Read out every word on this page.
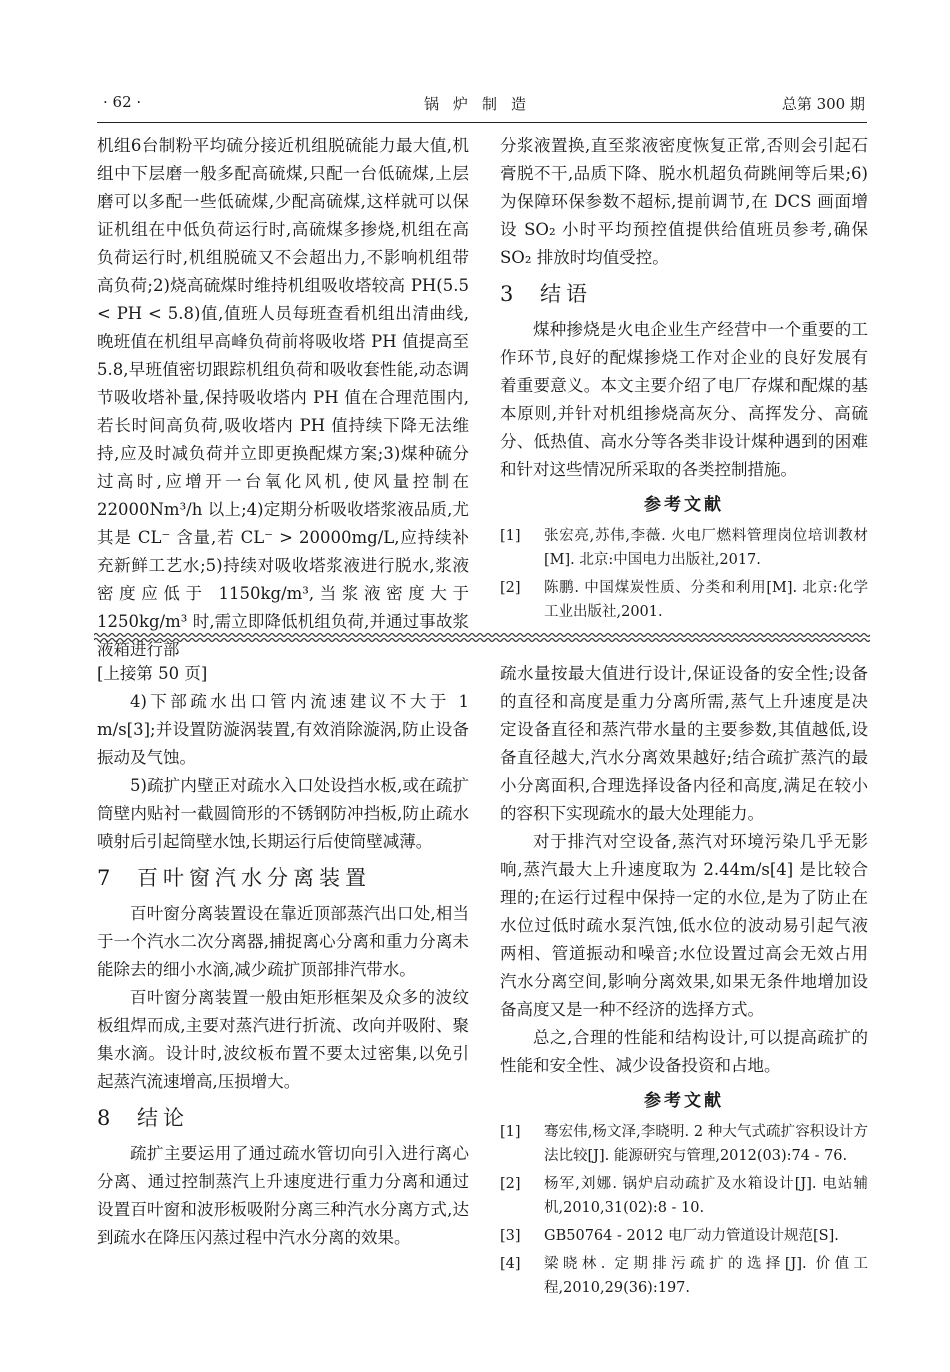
· 62 ·	锅炉制造	总第 300 期

机组6台制粉平均硫分接近机组脱硫能力最大值,机组中下层磨一般多配高硫煤,只配一台低硫煤,上层磨可以多配一些低硫煤,少配高硫煤,这样就可以保证机组在中低负荷运行时,高硫煤多掺烧,机组在高负荷运行时,机组脱硫又不会超出力,不影响机组带高负荷;2)烧高硫煤时维持机组吸收塔较高 PH(5.5 < PH < 5.8)值,值班人员每班查看机组出清曲线,晚班值在机组早高峰负荷前将吸收塔 PH 值提高至 5.8,早班值密切跟踪机组负荷和吸收套性能,动态调节吸收塔补量,保持吸收塔内 PH 值在合理范围内,若长时间高负荷,吸收塔内 PH 值持续下降无法维持,应及时减负荷并立即更换配煤方案;3)煤种硫分过高时,应增开一台氧化风机,使风量控制在 22000Nm³/h 以上;4)定期分析吸收塔浆液品质,尤其是 CL⁻ 含量,若 CL⁻ > 20000mg/L,应持续补充新鲜工艺水;5)持续对吸收塔浆液进行脱水,浆液密度应低于 1150kg/m³,当浆液密度大于 1250kg/m³ 时,需立即降低机组负荷,并通过事故浆液箱进行部

分浆液置换,直至浆液密度恢复正常,否则会引起石膏脱不干,品质下降、脱水机超负荷跳闸等后果;6)为保障环保参数不超标,提前调节,在 DCS 画面增设 SO₂ 小时平均预控值提供给值班员参考,确保 SO₂ 排放时均值受控。

3 结语

煤种掺烧是火电企业生产经营中一个重要的工作环节,良好的配煤掺烧工作对企业的良好发展有着重要意义。本文主要介绍了电厂存煤和配煤的基本原则,并针对机组掺烧高灰分、高挥发分、高硫分、低热值、高水分等各类非设计煤种遇到的困难和针对这些情况所采取的各类控制措施。

参考文献
[1] 张宏亮,苏伟,李薇. 火电厂燃料管理岗位培训教材[M]. 北京:中国电力出版社,2017.
[2] 陈鹏. 中国煤炭性质、分类和利用[M]. 北京:化学工业出版社,2001.

[上接第 50 页]

4)下部疏水出口管内流速建议不大于 1 m/s[3];并设置防漩涡装置,有效消除漩涡,防止设备振动及气蚀。

5)疏扩内壁正对疏水入口处设挡水板,或在疏扩筒壁内贴衬一截圆筒形的不锈钢防冲挡板,防止疏水喷射后引起筒壁水蚀,长期运行后使筒壁减薄。

7 百叶窗汽水分离装置

百叶窗分离装置设在靠近顶部蒸汽出口处,相当于一个汽水二次分离器,捕捉离心分离和重力分离未能除去的细小水滴,减少疏扩顶部排汽带水。

百叶窗分离装置一般由矩形框架及众多的波纹板组焊而成,主要对蒸汽进行折流、改向并吸附、聚集水滴。设计时,波纹板布置不要太过密集,以免引起蒸汽流速增高,压损增大。

8 结论

疏扩主要运用了通过疏水管切向引入进行离心分离、通过控制蒸汽上升速度进行重力分离和通过设置百叶窗和波形板吸附分离三种汽水分离方式,达到疏水在降压闪蒸过程中汽水分离的效果。

疏水量按最大值进行设计,保证设备的安全性;设备的直径和高度是重力分离所需,蒸气上升速度是决定设备直径和蒸汽带水量的主要参数,其值越低,设备直径越大,汽水分离效果越好;结合疏扩蒸汽的最小分离面积,合理选择设备内径和高度,满足在较小的容积下实现疏水的最大处理能力。

对于排汽对空设备,蒸汽对环境污染几乎无影响,蒸汽最大上升速度取为 2.44m/s[4] 是比较合理的;在运行过程中保持一定的水位,是为了防止在水位过低时疏水泵汽蚀,低水位的波动易引起气液两相、管道振动和噪音;水位设置过高会无效占用汽水分离空间,影响分离效果,如果无条件地增加设备高度又是一种不经济的选择方式。

总之,合理的性能和结构设计,可以提高疏扩的性能和安全性、减少设备投资和占地。

参考文献
[1] 骞宏伟,杨文泽,李晓明. 2 种大气式疏扩容积设计方法比较[J]. 能源研究与管理,2012(03):74 - 76.
[2] 杨军,刘娜. 锅炉启动疏扩及水箱设计[J]. 电站辅机,2010,31(02):8 - 10.
[3] GB50764 - 2012 电厂动力管道设计规范[S].
[4] 梁晓林. 定期排污疏扩的选择[J]. 价值工程,2010,29(36):197.
